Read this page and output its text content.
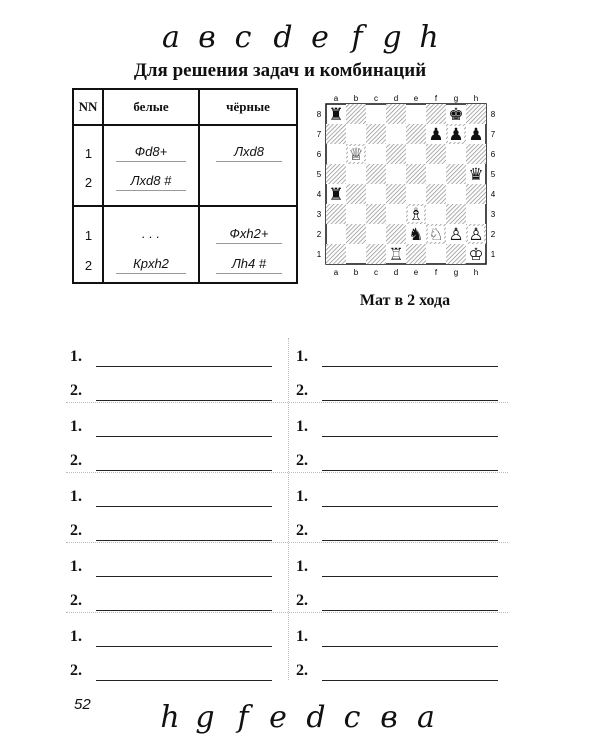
a в c d e f g h
Для решения задач и комбинаций
NN	белые	чёрные
1	Фd8+	Лxd8
2	Лxd8 #
1	. . .	Фxh2+
2	Крxh2	Лh4 #
a
a
b
b
c
c
d
d
e
e
f
f
g
g
h
h
8	8
7	7
6	6
5	5
4	4
3	3
2	2
1	1
♜	♚
♟ ♟ ♟
♕
♛
♜
♗
♞ ♘ ♙ ♙
♖	♔
Мат в 2 хода
1.
2.
1.
2.
1.
2.
1.
2.
1.
2.
1.
2.
1.
2.
1.
2.
1.
2.
1.
2.
52 h g f e d c в a
